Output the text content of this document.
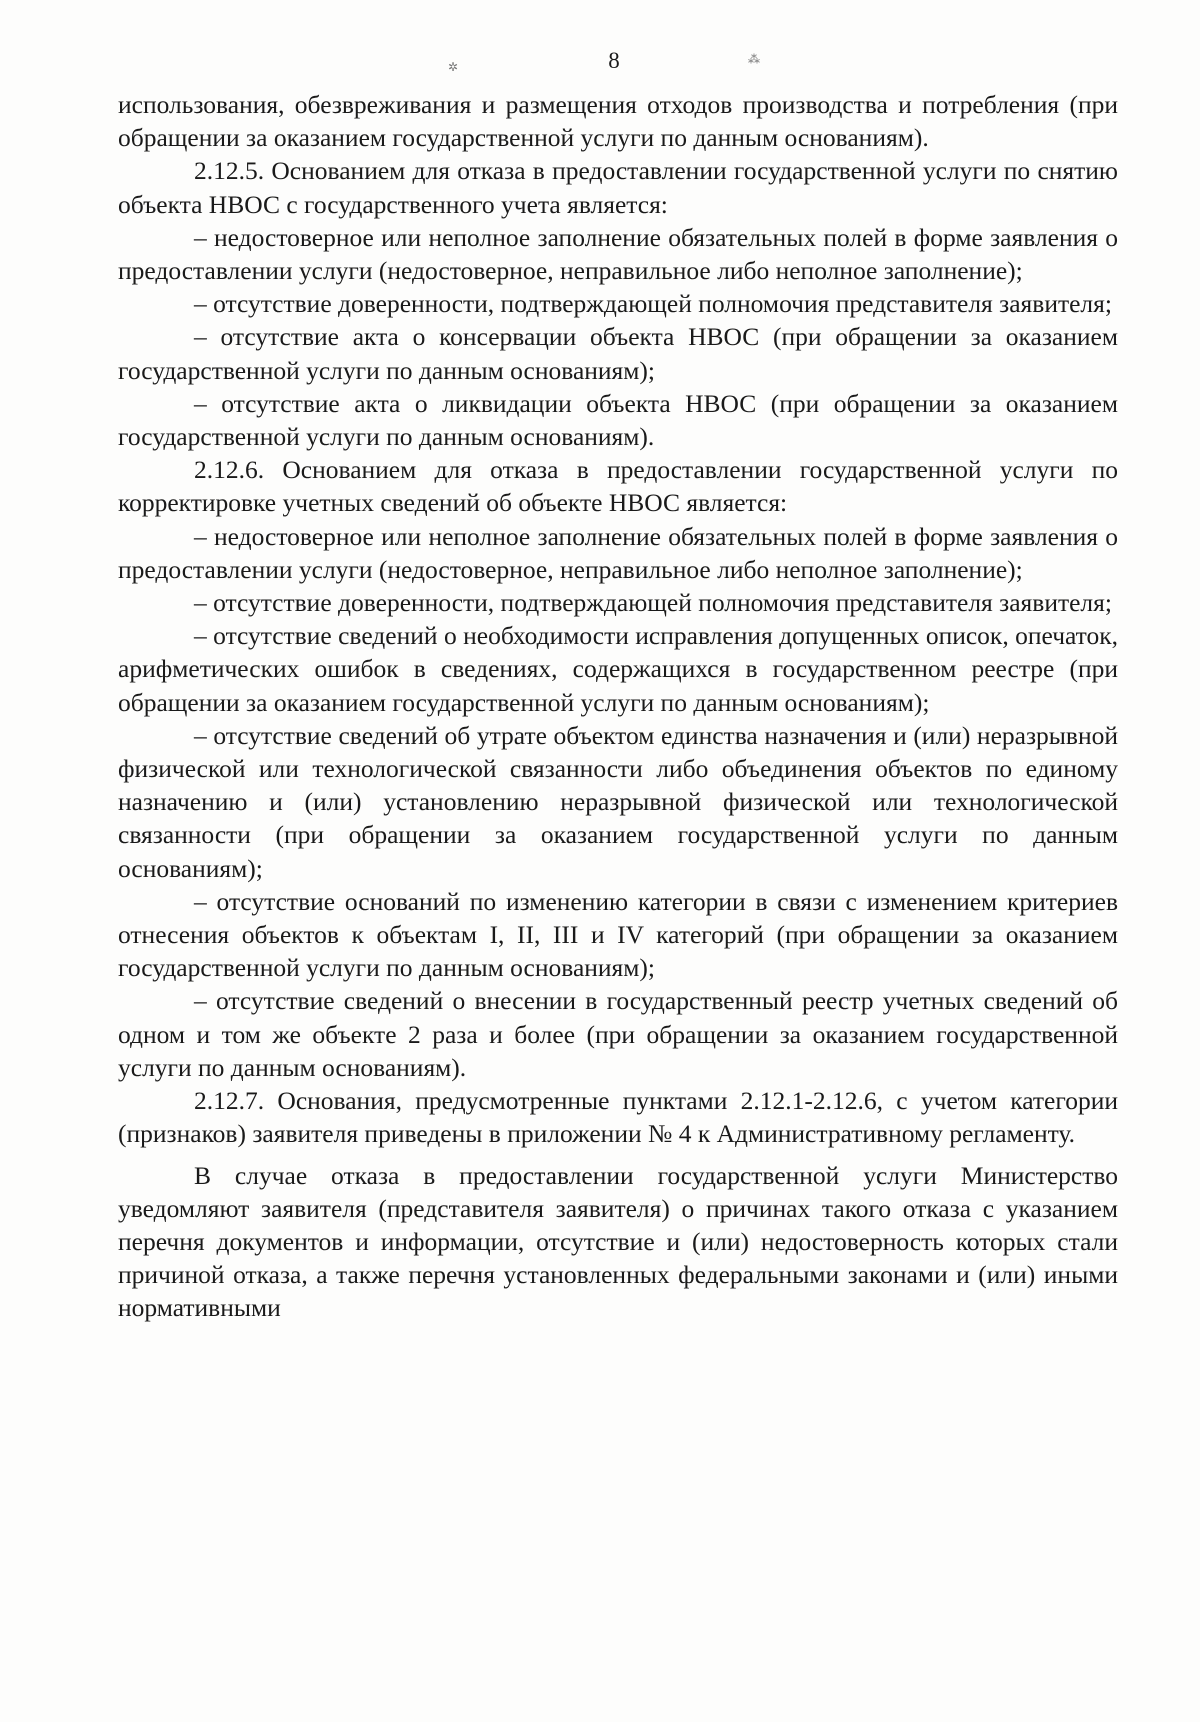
✲
⁂
8

использования, обезвреживания и размещения отходов производства и потребления (при обращении за оказанием государственной услуги по данным основаниям).

2.12.5. Основанием для отказа в предоставлении государственной услуги по снятию объекта НВОС с государственного учета является:

– недостоверное или неполное заполнение обязательных полей в форме заявления о предоставлении услуги (недостоверное, неправильное либо неполное заполнение);

– отсутствие доверенности, подтверждающей полномочия представителя заявителя;

– отсутствие акта о консервации объекта НВОС (при обращении за оказанием государственной услуги по данным основаниям);

– отсутствие акта о ликвидации объекта НВОС (при обращении за оказанием государственной услуги по данным основаниям).

2.12.6. Основанием для отказа в предоставлении государственной услуги по корректировке учетных сведений об объекте НВОС является:

– недостоверное или неполное заполнение обязательных полей в форме заявления о предоставлении услуги (недостоверное, неправильное либо неполное заполнение);

– отсутствие доверенности, подтверждающей полномочия представителя заявителя;

– отсутствие сведений о необходимости исправления допущенных описок, опечаток, арифметических ошибок в сведениях, содержащихся в государственном реестре (при обращении за оказанием государственной услуги по данным основаниям);

– отсутствие сведений об утрате объектом единства назначения и (или) неразрывной физической или технологической связанности либо объединения объектов по единому назначению и (или) установлению неразрывной физической или технологической связанности (при обращении за оказанием государственной услуги по данным основаниям);

– отсутствие оснований по изменению категории в связи с изменением критериев отнесения объектов к объектам I, II, III и IV категорий (при обращении за оказанием государственной услуги по данным основаниям);

– отсутствие сведений о внесении в государственный реестр учетных сведений об одном и том же объекте 2 раза и более (при обращении за оказанием государственной услуги по данным основаниям).

2.12.7. Основания, предусмотренные пунктами 2.12.1-2.12.6, с учетом категории (признаков) заявителя приведены в приложении № 4 к Административному регламенту.

В случае отказа в предоставлении государственной услуги Министерство уведомляют заявителя (представителя заявителя) о причинах такого отказа с указанием перечня документов и информации, отсутствие и (или) недостоверность которых стали причиной отказа, а также перечня установленных федеральными законами и (или) иными нормативными
